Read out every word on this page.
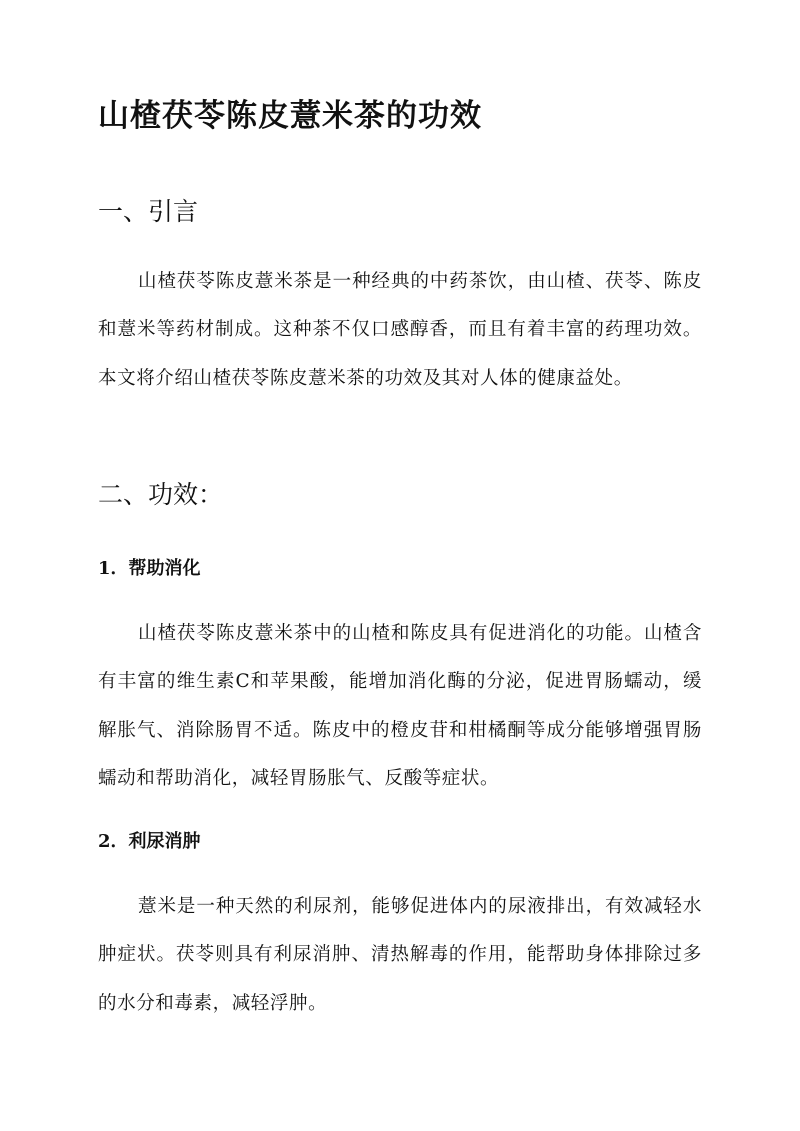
山楂茯苓陈皮薏米茶的功效
一、引言

山楂茯苓陈皮薏米茶是一种经典的中药茶饮，由山楂、茯苓、陈皮和薏米等药材制成。这种茶不仅口感醇香，而且有着丰富的药理功效。本文将介绍山楂茯苓陈皮薏米茶的功效及其对人体的健康益处。

二、功效：
1．帮助消化

山楂茯苓陈皮薏米茶中的山楂和陈皮具有促进消化的功能。山楂含有丰富的维生素C和苹果酸，能增加消化酶的分泌，促进胃肠蠕动，缓解胀气、消除肠胃不适。陈皮中的橙皮苷和柑橘酮等成分能够增强胃肠蠕动和帮助消化，减轻胃肠胀气、反酸等症状。

2．利尿消肿

薏米是一种天然的利尿剂，能够促进体内的尿液排出，有效减轻水肿症状。茯苓则具有利尿消肿、清热解毒的作用，能帮助身体排除过多的水分和毒素，减轻浮肿。
